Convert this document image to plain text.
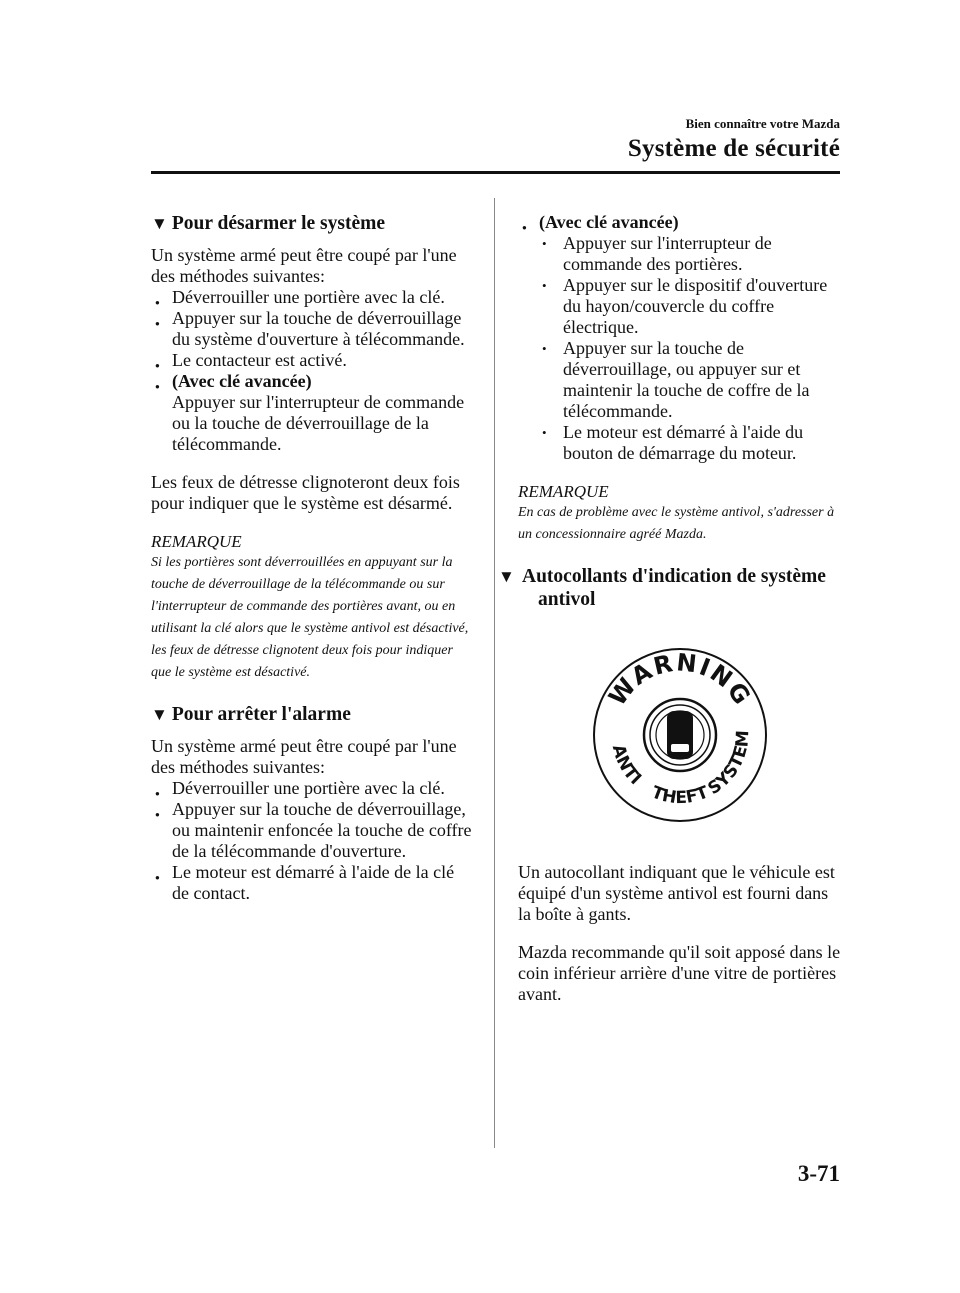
Bien connaître votre Mazda
Système de sécurité
▼ Pour désarmer le système

Un système armé peut être coupé par l'une des méthodes suivantes:

● Déverrouiller une portière avec la clé.
● Appuyer sur la touche de déverrouillage du système d'ouverture à télécommande.
● Le contacteur est activé.
● (Avec clé avancée)
Appuyer sur l'interrupteur de commande ou la touche de déverrouillage de la télécommande.

Les feux de détresse clignoteront deux fois pour indiquer que le système est désarmé.

REMARQUE
Si les portières sont déverrouillées en appuyant sur la touche de déverrouillage de la télécommande ou sur l'interrupteur de commande des portières avant, ou en utilisant la clé alors que le système antivol est désactivé, les feux de détresse clignotent deux fois pour indiquer que le système est désactivé.
▼ Pour arrêter l'alarme

Un système armé peut être coupé par l'une des méthodes suivantes:

● Déverrouiller une portière avec la clé.
● Appuyer sur la touche de déverrouillage, ou maintenir enfoncée la touche de coffre de la télécommande d'ouverture.
● Le moteur est démarré à l'aide de la clé de contact.
● (Avec clé avancée)
• Appuyer sur l'interrupteur de commande des portières.
• Appuyer sur le dispositif d'ouverture du hayon/couvercle du coffre électrique.
• Appuyer sur la touche de déverrouillage, ou appuyer sur et maintenir la touche de coffre de la télécommande.
• Le moteur est démarré à l'aide du bouton de démarrage du moteur.
REMARQUE
En cas de problème avec le système antivol, s'adresser à un concessionnaire agréé Mazda.
▼ Autocollants d'indication de système antivol
WARNING
ANTI
THEFT
SYSTEM

Un autocollant indiquant que le véhicule est équipé d'un système antivol est fourni dans la boîte à gants.

Mazda recommande qu'il soit apposé dans le coin inférieur arrière d'une vitre de portières avant.

3-71
